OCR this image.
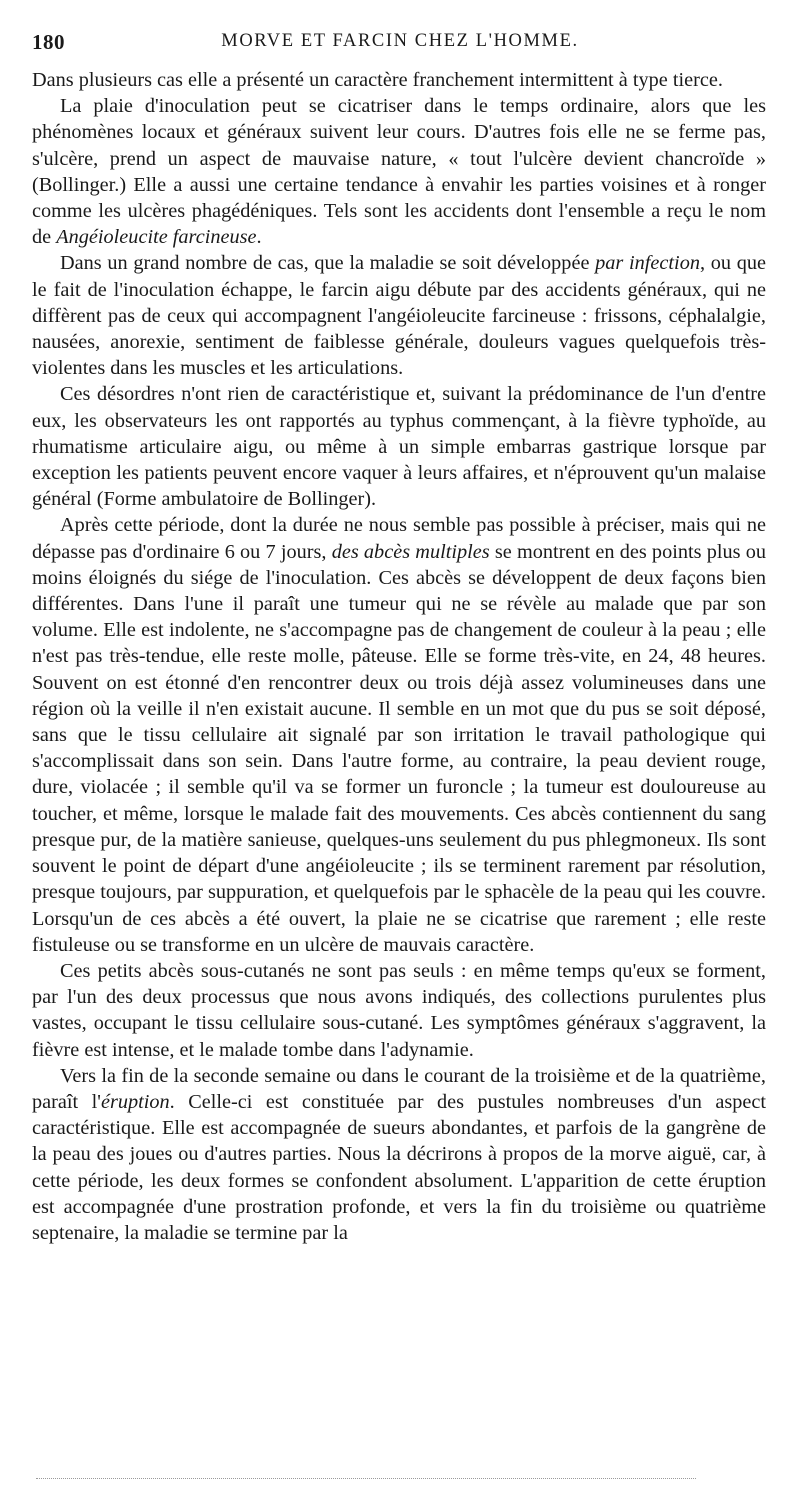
180	MORVE ET FARCIN CHEZ L'HOMME.

Dans plusieurs cas elle a présenté un caractère franchement intermittent à type tierce.

La plaie d'inoculation peut se cicatriser dans le temps ordinaire, alors que les phénomènes locaux et généraux suivent leur cours. D'autres fois elle ne se ferme pas, s'ulcère, prend un aspect de mauvaise nature, « tout l'ulcère devient chancroïde » (Bollinger.) Elle a aussi une certaine tendance à envahir les parties voisines et à ronger comme les ulcères phagédéniques. Tels sont les accidents dont l'ensemble a reçu le nom de Angéioleucite farcineuse.

Dans un grand nombre de cas, que la maladie se soit développée par infection, ou que le fait de l'inoculation échappe, le farcin aigu débute par des accidents généraux, qui ne diffèrent pas de ceux qui accompagnent l'angéioleucite farcineuse : frissons, céphalalgie, nausées, anorexie, sentiment de faiblesse générale, douleurs vagues quelquefois très-violentes dans les muscles et les articulations.

Ces désordres n'ont rien de caractéristique et, suivant la prédominance de l'un d'entre eux, les observateurs les ont rapportés au typhus commençant, à la fièvre typhoïde, au rhumatisme articulaire aigu, ou même à un simple embarras gastrique lorsque par exception les patients peuvent encore vaquer à leurs affaires, et n'éprouvent qu'un malaise général (Forme ambulatoire de Bollinger).

Après cette période, dont la durée ne nous semble pas possible à préciser, mais qui ne dépasse pas d'ordinaire 6 ou 7 jours, des abcès multiples se montrent en des points plus ou moins éloignés du siége de l'inoculation. Ces abcès se développent de deux façons bien différentes. Dans l'une il paraît une tumeur qui ne se révèle au malade que par son volume. Elle est indolente, ne s'accompagne pas de changement de couleur à la peau ; elle n'est pas très-tendue, elle reste molle, pâteuse. Elle se forme très-vite, en 24, 48 heures. Souvent on est étonné d'en rencontrer deux ou trois déjà assez volumineuses dans une région où la veille il n'en existait aucune. Il semble en un mot que du pus se soit déposé, sans que le tissu cellulaire ait signalé par son irritation le travail pathologique qui s'accomplissait dans son sein. Dans l'autre forme, au contraire, la peau devient rouge, dure, violacée ; il semble qu'il va se former un furoncle ; la tumeur est douloureuse au toucher, et même, lorsque le malade fait des mouvements. Ces abcès contiennent du sang presque pur, de la matière sanieuse, quelques-uns seulement du pus phlegmoneux. Ils sont souvent le point de départ d'une angéioleucite ; ils se terminent rarement par résolution, presque toujours, par suppuration, et quelquefois par le sphacèle de la peau qui les couvre. Lorsqu'un de ces abcès a été ouvert, la plaie ne se cicatrise que rarement ; elle reste fistuleuse ou se transforme en un ulcère de mauvais caractère.

Ces petits abcès sous-cutanés ne sont pas seuls : en même temps qu'eux se forment, par l'un des deux processus que nous avons indiqués, des collections purulentes plus vastes, occupant le tissu cellulaire sous-cutané. Les symptômes généraux s'aggravent, la fièvre est intense, et le malade tombe dans l'adynamie.

Vers la fin de la seconde semaine ou dans le courant de la troisième et de la quatrième, paraît l'éruption. Celle-ci est constituée par des pustules nombreuses d'un aspect caractéristique. Elle est accompagnée de sueurs abondantes, et parfois de la gangrène de la peau des joues ou d'autres parties. Nous la décrirons à propos de la morve aiguë, car, à cette période, les deux formes se confondent absolument. L'apparition de cette éruption est accompagnée d'une prostration profonde, et vers la fin du troisième ou quatrième septenaire, la maladie se termine par la
